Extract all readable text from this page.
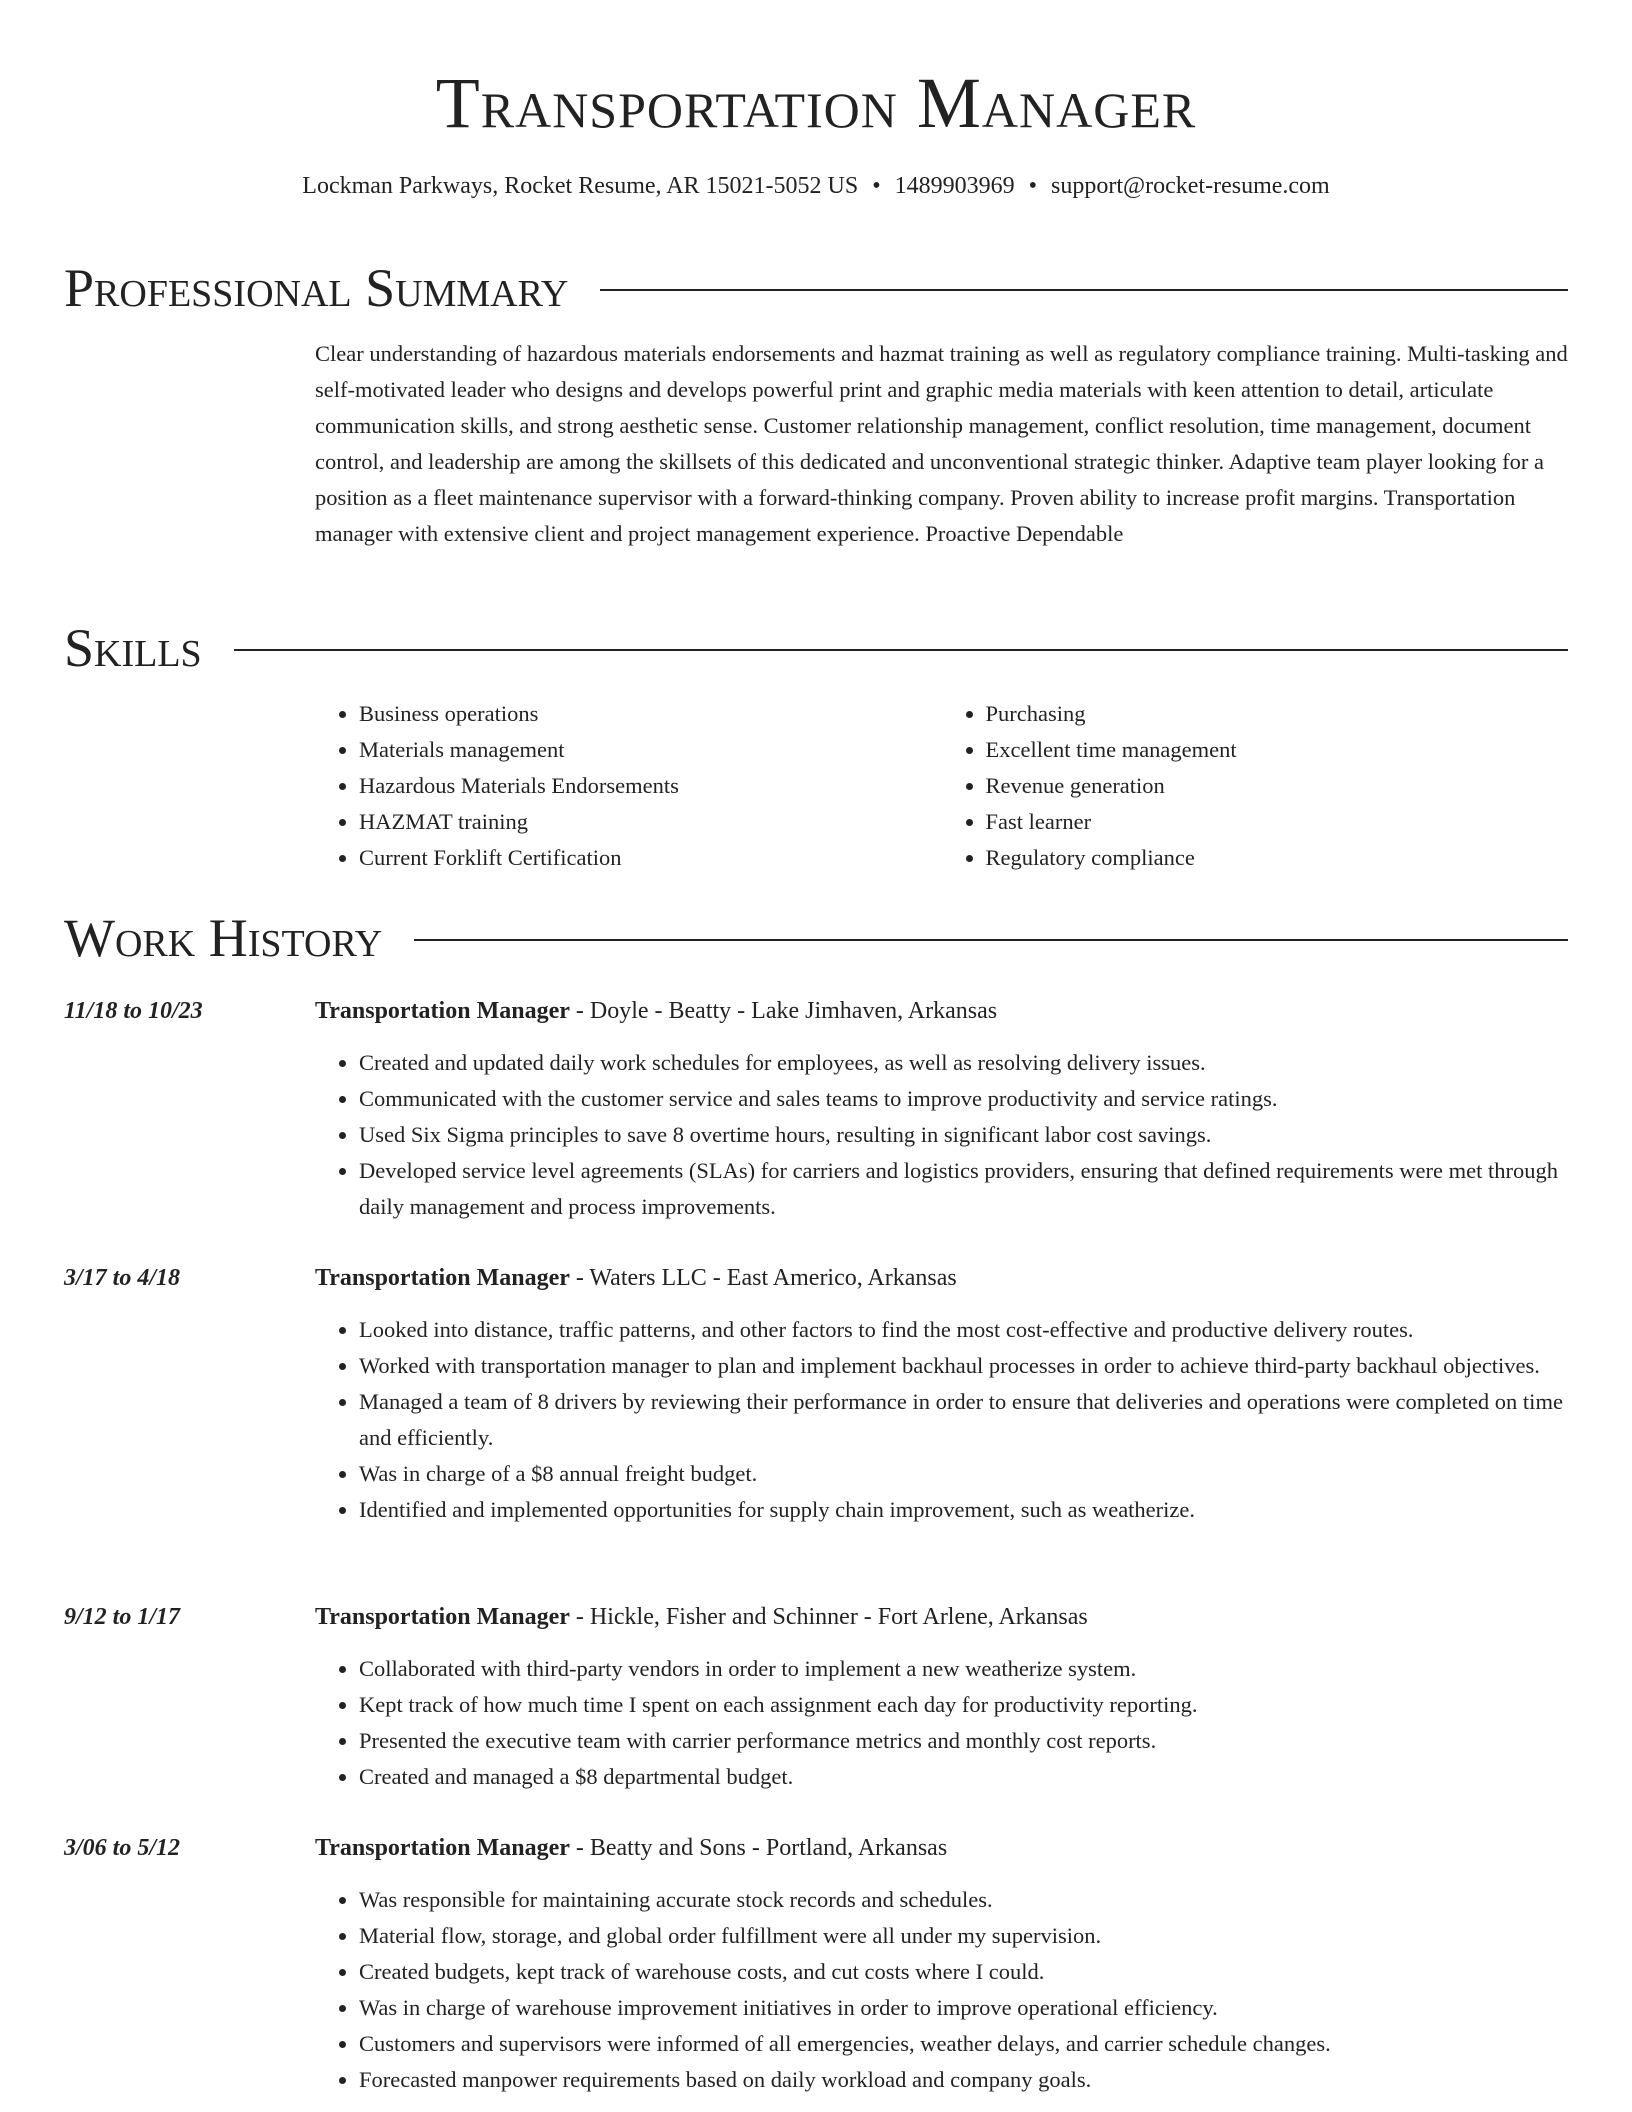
Transportation Manager
Lockman Parkways, Rocket Resume, AR 15021-5052 US • 1489903969 • support@rocket-resume.com
Professional Summary
Clear understanding of hazardous materials endorsements and hazmat training as well as regulatory compliance training. Multi-tasking and self-motivated leader who designs and develops powerful print and graphic media materials with keen attention to detail, articulate communication skills, and strong aesthetic sense. Customer relationship management, conflict resolution, time management, document control, and leadership are among the skillsets of this dedicated and unconventional strategic thinker. Adaptive team player looking for a position as a fleet maintenance supervisor with a forward-thinking company. Proven ability to increase profit margins. Transportation manager with extensive client and project management experience. Proactive Dependable
Skills
• Business operations
• Materials management
• Hazardous Materials Endorsements
• HAZMAT training
• Current Forklift Certification
• Purchasing
• Excellent time management
• Revenue generation
• Fast learner
• Regulatory compliance
Work History
11/18 to 10/23	Transportation Manager - Doyle - Beatty - Lake Jimhaven, Arkansas
• Created and updated daily work schedules for employees, as well as resolving delivery issues.
• Communicated with the customer service and sales teams to improve productivity and service ratings.
• Used Six Sigma principles to save 8 overtime hours, resulting in significant labor cost savings.
• Developed service level agreements (SLAs) for carriers and logistics providers, ensuring that defined requirements were met through daily management and process improvements.
3/17 to 4/18	Transportation Manager - Waters LLC - East Americo, Arkansas
• Looked into distance, traffic patterns, and other factors to find the most cost-effective and productive delivery routes.
• Worked with transportation manager to plan and implement backhaul processes in order to achieve third-party backhaul objectives.
• Managed a team of 8 drivers by reviewing their performance in order to ensure that deliveries and operations were completed on time and efficiently.
• Was in charge of a $8 annual freight budget.
• Identified and implemented opportunities for supply chain improvement, such as weatherize.
9/12 to 1/17	Transportation Manager - Hickle, Fisher and Schinner - Fort Arlene, Arkansas
• Collaborated with third-party vendors in order to implement a new weatherize system.
• Kept track of how much time I spent on each assignment each day for productivity reporting.
• Presented the executive team with carrier performance metrics and monthly cost reports.
• Created and managed a $8 departmental budget.
3/06 to 5/12	Transportation Manager - Beatty and Sons - Portland, Arkansas
• Was responsible for maintaining accurate stock records and schedules.
• Material flow, storage, and global order fulfillment were all under my supervision.
• Created budgets, kept track of warehouse costs, and cut costs where I could.
• Was in charge of warehouse improvement initiatives in order to improve operational efficiency.
• Customers and supervisors were informed of all emergencies, weather delays, and carrier schedule changes.
• Forecasted manpower requirements based on daily workload and company goals.
